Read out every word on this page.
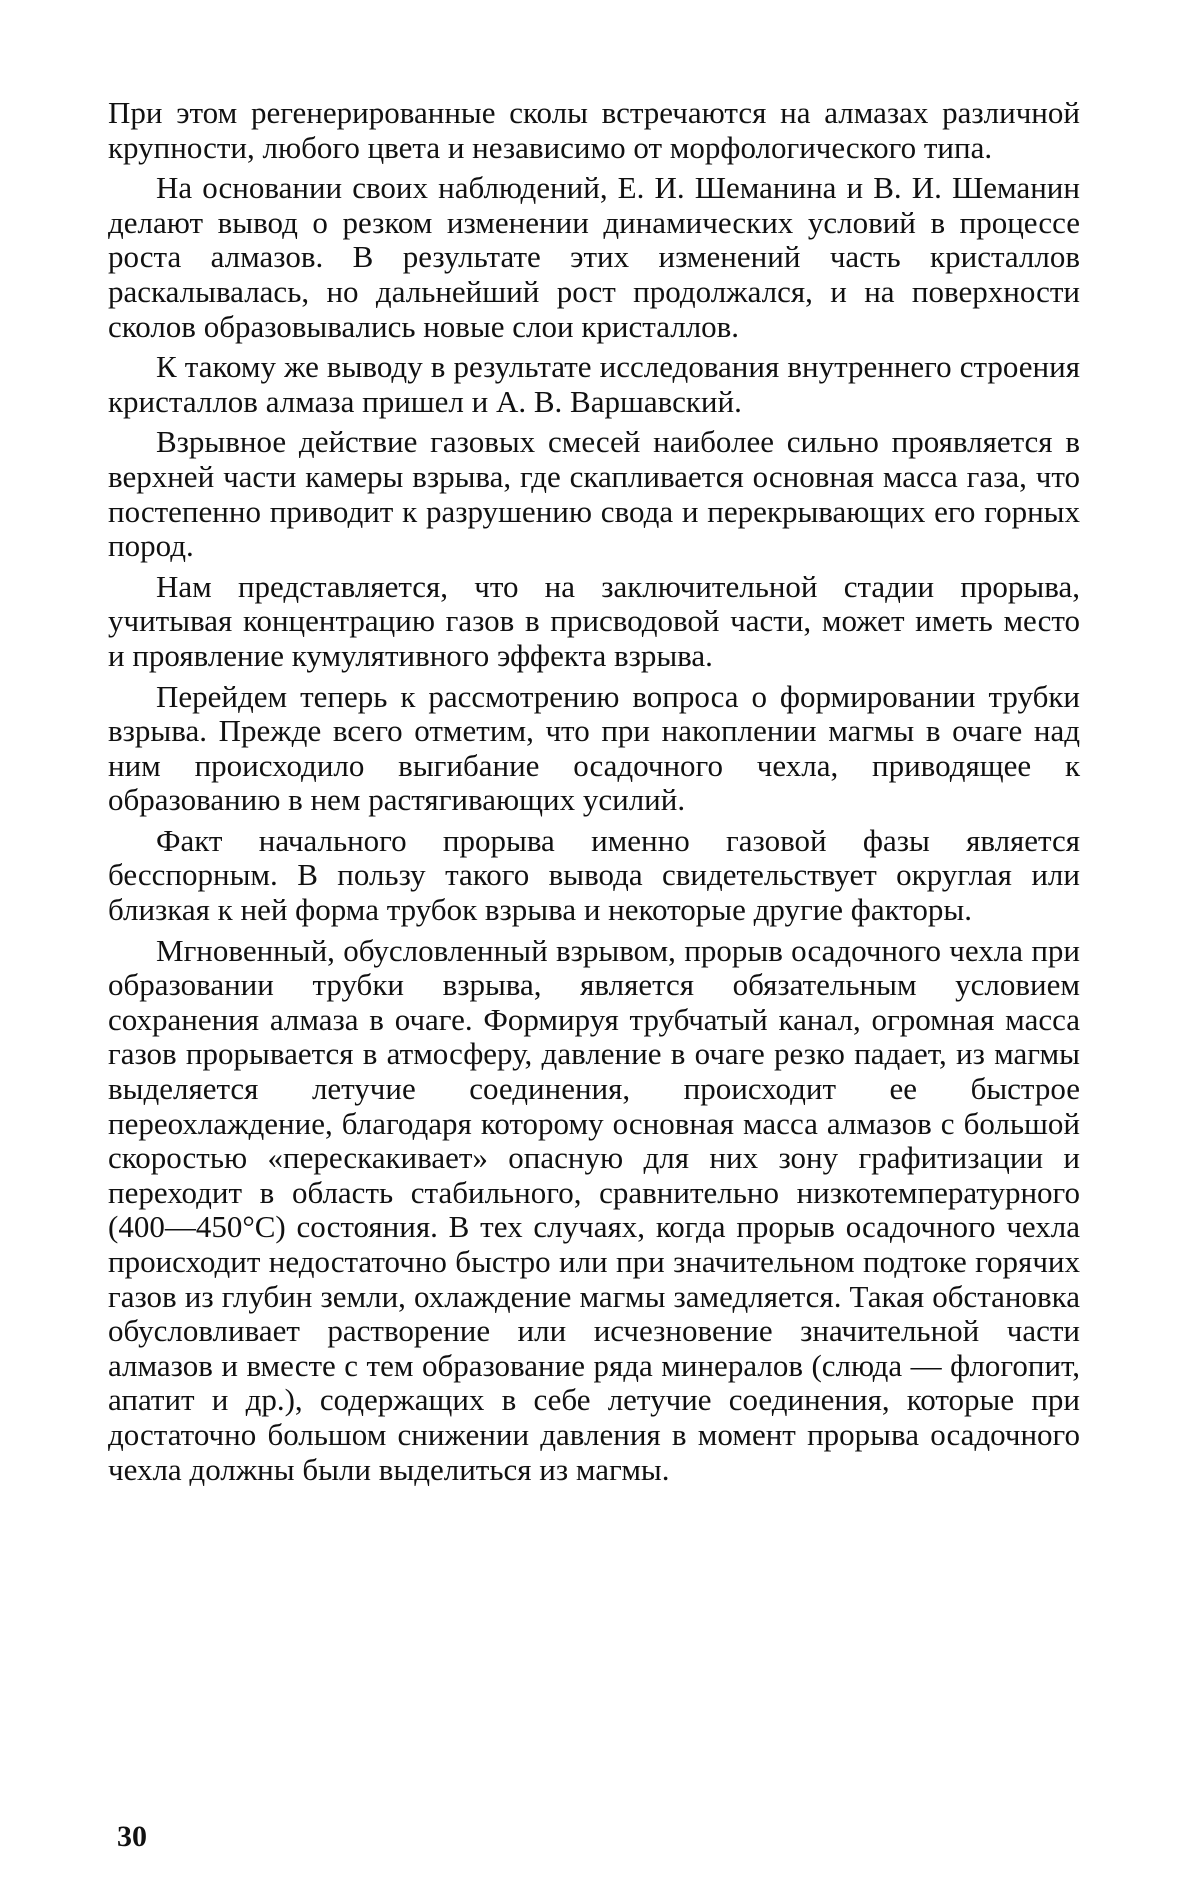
При этом регенерированные сколы встречаются на алмазах различной крупности, любого цвета и независимо от морфологического типа.

На основании своих наблюдений, Е. И. Шеманина и В. И. Шеманин делают вывод о резком изменении динамических условий в процессе роста алмазов. В результате этих изменений часть кристаллов раскалывалась, но дальнейший рост продолжался, и на поверхности сколов образовывались новые слои кристаллов.

К такому же выводу в результате исследования внутреннего строения кристаллов алмаза пришел и А. В. Варшавский.

Взрывное действие газовых смесей наиболее сильно проявляется в верхней части камеры взрыва, где скапливается основная масса газа, что постепенно приводит к разрушению свода и перекрывающих его горных пород.

Нам представляется, что на заключительной стадии прорыва, учитывая концентрацию газов в присводовой части, может иметь место и проявление кумулятивного эффекта взрыва.

Перейдем теперь к рассмотрению вопроса о формировании трубки взрыва. Прежде всего отметим, что при накоплении магмы в очаге над ним происходило выгибание осадочного чехла, приводящее к образованию в нем растягивающих усилий.

Факт начального прорыва именно газовой фазы является бесспорным. В пользу такого вывода свидетельствует округлая или близкая к ней форма трубок взрыва и некоторые другие факторы.

Мгновенный, обусловленный взрывом, прорыв осадочного чехла при образовании трубки взрыва, является обязательным условием сохранения алмаза в очаге. Формируя трубчатый канал, огромная масса газов прорывается в атмосферу, давление в очаге резко падает, из магмы выделяется летучие соединения, происходит ее быстрое переохлаждение, благодаря которому основная масса алмазов с большой скоростью «перескакивает» опасную для них зону графитизации и переходит в область стабильного, сравнительно низкотемпературного (400—450°С) состояния. В тех случаях, когда прорыв осадочного чехла происходит недостаточно быстро или при значительном подтоке горячих газов из глубин земли, охлаждение магмы замедляется. Такая обстановка обусловливает растворение или исчезновение значительной части алмазов и вместе с тем образование ряда минералов (слюда — флогопит, апатит и др.), содержащих в себе летучие соединения, которые при достаточно большом снижении давления в момент прорыва осадочного чехла должны были выделиться из магмы.

30
